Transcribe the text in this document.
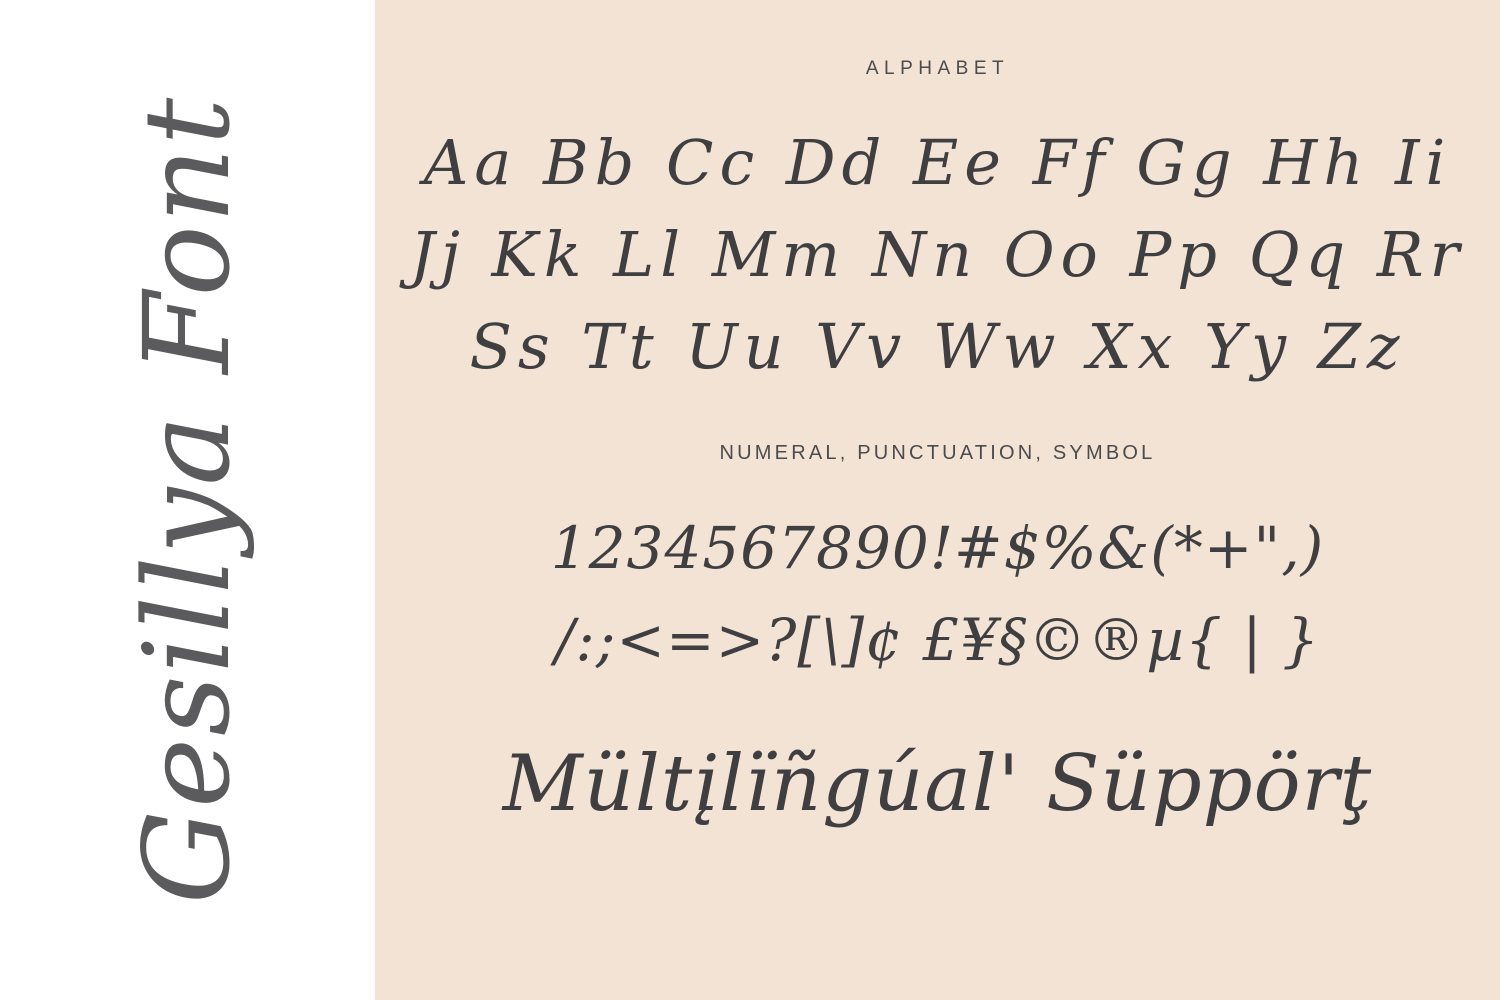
Gesillya Font
ALPHABET
Aa Bb Cc Dd Ee Ff Gg Hh Ii
Jj Kk Ll Mm Nn Oo Pp Qq Rr
Ss Tt Uu Vv Ww Xx Yy Zz
NUMERAL, PUNCTUATION, SYMBOL
1234567890!#$%&(*+",)
/:;<=>?[\]¢ £¥§©®µ{ | }
Mültįlïñgúal' Süppörţ
